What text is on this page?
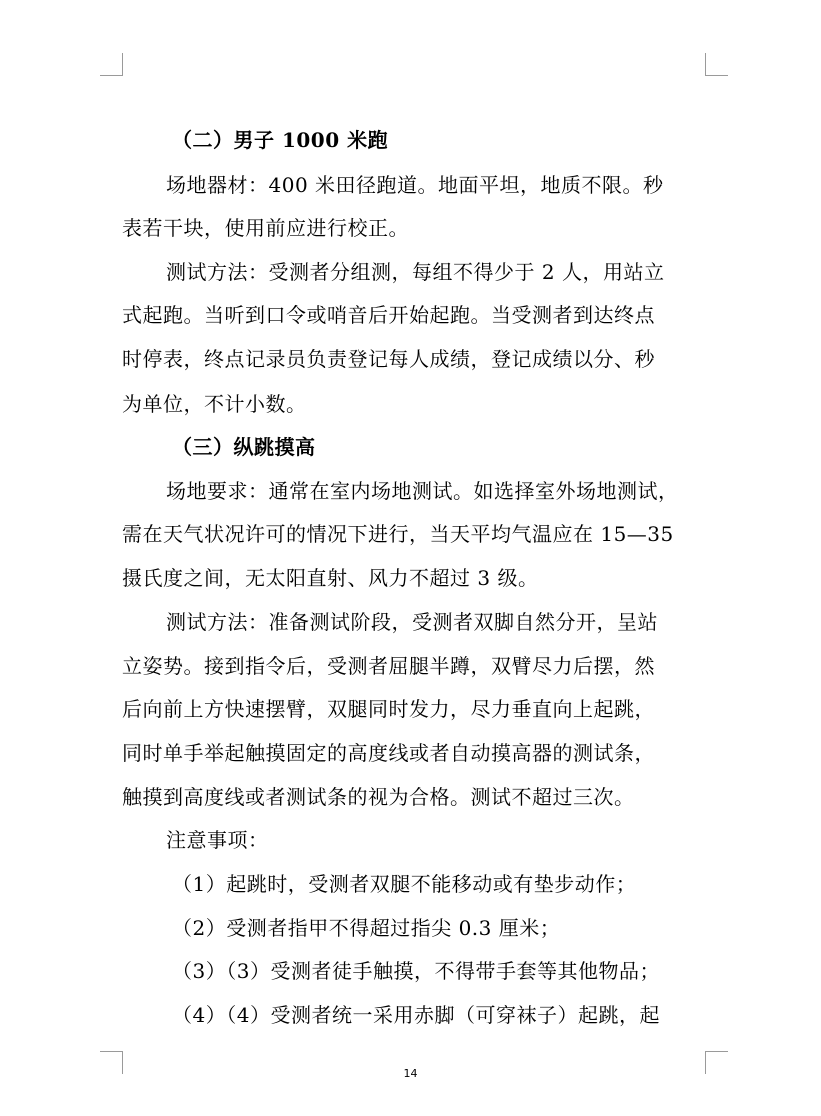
（二）男子 1000 米跑
场地器材：400 米田径跑道。地面平坦，地质不限。秒
表若干块，使用前应进行校正。
测试方法：受测者分组测，每组不得少于 2 人，用站立
式起跑。当听到口令或哨音后开始起跑。当受测者到达终点
时停表，终点记录员负责登记每人成绩，登记成绩以分、秒
为单位，不计小数。
（三）纵跳摸高
场地要求：通常在室内场地测试。如选择室外场地测试，
需在天气状况许可的情况下进行，当天平均气温应在 15—35
摄氏度之间，无太阳直射、风力不超过 3 级。
测试方法：准备测试阶段，受测者双脚自然分开，呈站
立姿势。接到指令后，受测者屈腿半蹲，双臂尽力后摆，然
后向前上方快速摆臂，双腿同时发力，尽力垂直向上起跳，
同时单手举起触摸固定的高度线或者自动摸高器的测试条，
触摸到高度线或者测试条的视为合格。测试不超过三次。
注意事项：
（1）起跳时，受测者双腿不能移动或有垫步动作；
（2）受测者指甲不得超过指尖 0.3 厘米；
（3）（3）受测者徒手触摸，不得带手套等其他物品；
（4）（4）受测者统一采用赤脚（可穿袜子）起跳，起
14
